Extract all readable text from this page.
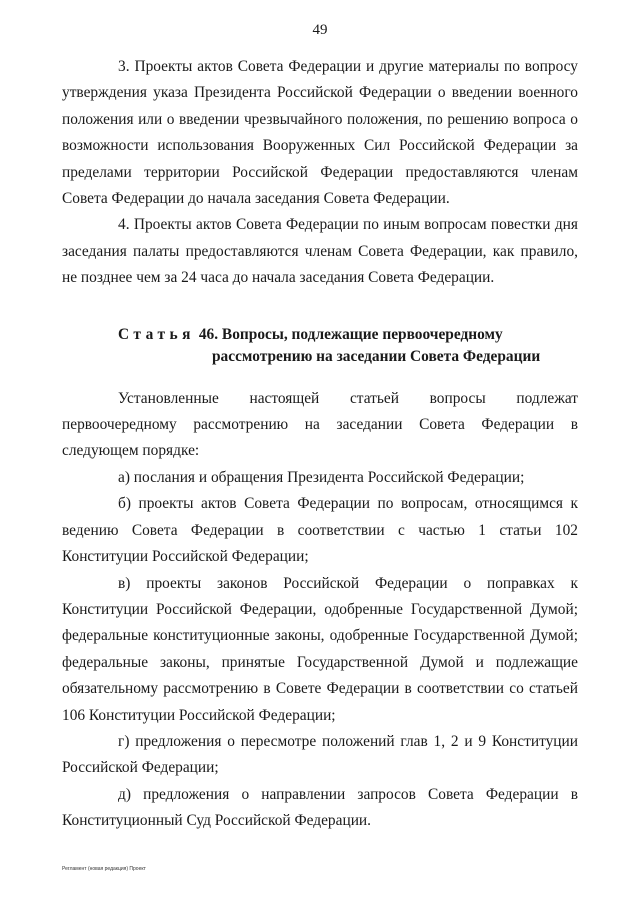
49

3. Проекты актов Совета Федерации и другие материалы по вопросу утверждения указа Президента Российской Федерации о введении военного положения или о введении чрезвычайного положения, по решению вопроса о возможности использования Вооруженных Сил Российской Федерации за пределами территории Российской Федерации предоставляются членам Совета Федерации до начала заседания Совета Федерации.

4. Проекты актов Совета Федерации по иным вопросам повестки дня заседания палаты предоставляются членам Совета Федерации, как правило, не позднее чем за 24 часа до начала заседания Совета Федерации.

Статья 46. Вопросы, подлежащие первоочередному
рассмотрению на заседании Совета Федерации

Установленные настоящей статьей вопросы подлежат первоочередному рассмотрению на заседании Совета Федерации в следующем порядке:

а) послания и обращения Президента Российской Федерации;

б) проекты актов Совета Федерации по вопросам, относящимся к ведению Совета Федерации в соответствии с частью 1 статьи 102 Конституции Российской Федерации;

в) проекты законов Российской Федерации о поправках к Конституции Российской Федерации, одобренные Государственной Думой; федеральные конституционные законы, одобренные Государственной Думой; федеральные законы, принятые Государственной Думой и подлежащие обязательному рассмотрению в Совете Федерации в соответствии со статьей 106 Конституции Российской Федерации;

г) предложения о пересмотре положений глав 1, 2 и 9 Конституции Российской Федерации;

д) предложения о направлении запросов Совета Федерации в Конституционный Суд Российской Федерации.

Регламент (новая редакция) Проект
